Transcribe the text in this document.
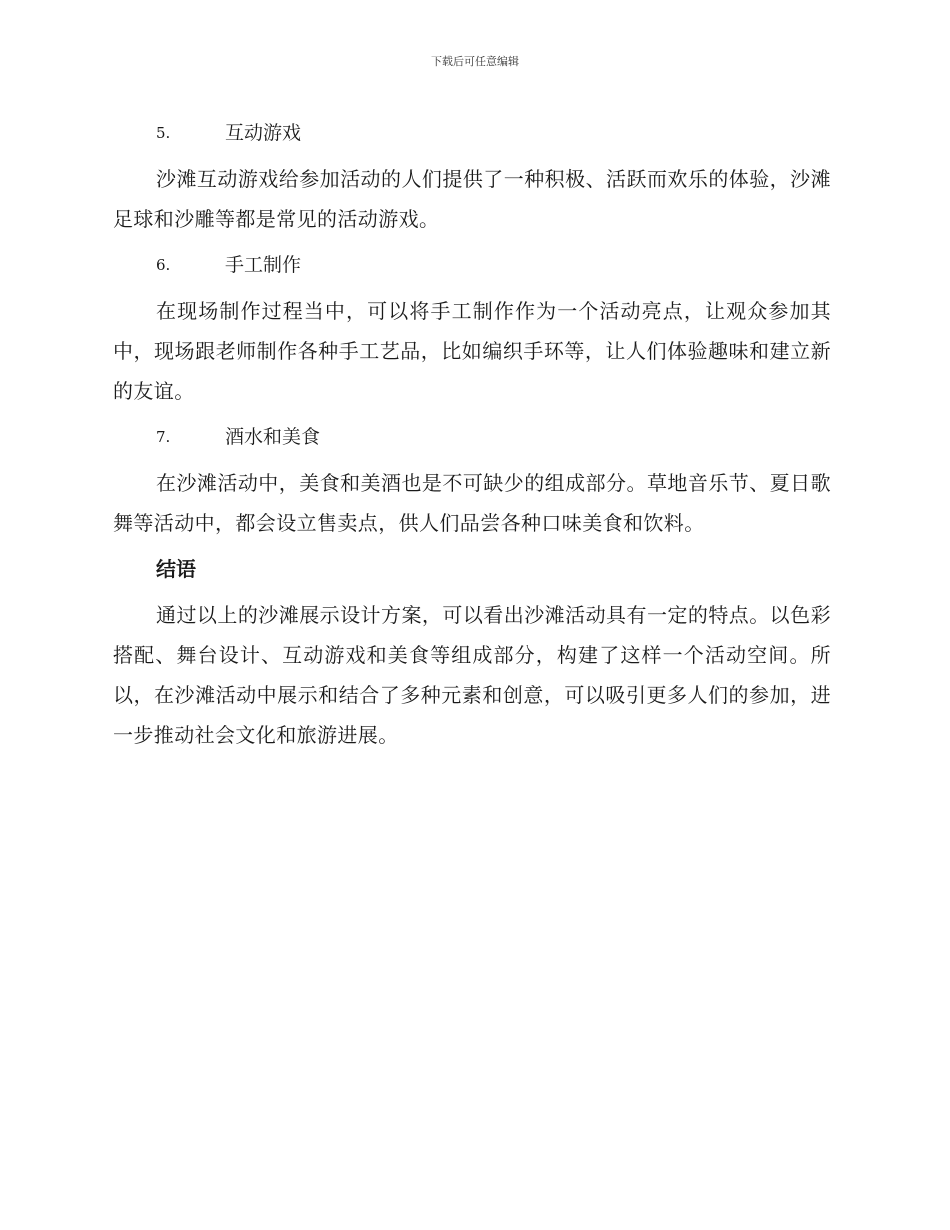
下载后可任意编辑
5.	互动游戏

沙滩互动游戏给参加活动的人们提供了一种积极、活跃而欢乐的体验，沙滩足球和沙雕等都是常见的活动游戏。

6.	手工制作

在现场制作过程当中，可以将手工制作作为一个活动亮点，让观众参加其中，现场跟老师制作各种手工艺品，比如编织手环等，让人们体验趣味和建立新的友谊。

7.	酒水和美食

在沙滩活动中，美食和美酒也是不可缺少的组成部分。草地音乐节、夏日歌舞等活动中，都会设立售卖点，供人们品尝各种口味美食和饮料。

结语

通过以上的沙滩展示设计方案，可以看出沙滩活动具有一定的特点。以色彩搭配、舞台设计、互动游戏和美食等组成部分，构建了这样一个活动空间。所以，在沙滩活动中展示和结合了多种元素和创意，可以吸引更多人们的参加，进一步推动社会文化和旅游进展。
